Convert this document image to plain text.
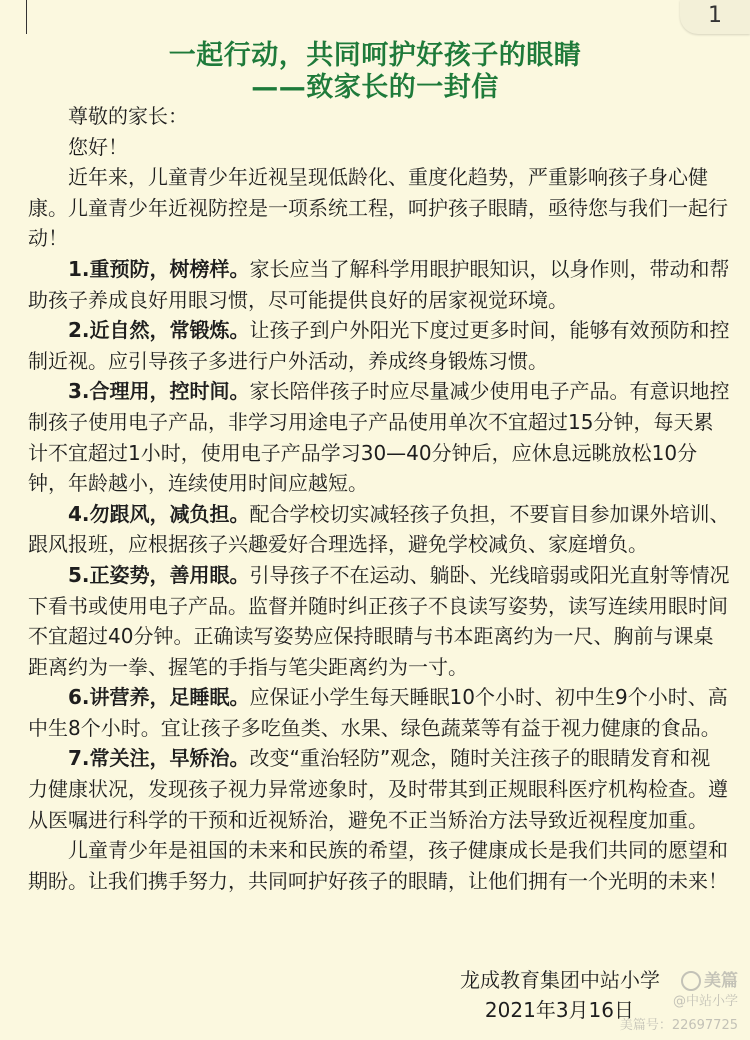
1
一起行动，共同呵护好孩子的眼睛
——致家长的一封信

尊敬的家长：

您好！

近年来，儿童青少年近视呈现低龄化、重度化趋势，严重影响孩子身心健康。儿童青少年近视防控是一项系统工程，呵护孩子眼睛，亟待您与我们一起行动！

1.重预防，树榜样。家长应当了解科学用眼护眼知识，以身作则，带动和帮助孩子养成良好用眼习惯，尽可能提供良好的居家视觉环境。

2.近自然，常锻炼。让孩子到户外阳光下度过更多时间，能够有效预防和控制近视。应引导孩子多进行户外活动，养成终身锻炼习惯。

3.合理用，控时间。家长陪伴孩子时应尽量减少使用电子产品。有意识地控制孩子使用电子产品，非学习用途电子产品使用单次不宜超过15分钟，每天累计不宜超过1小时，使用电子产品学习30—40分钟后，应休息远眺放松10分钟，年龄越小，连续使用时间应越短。

4.勿跟风，减负担。配合学校切实减轻孩子负担，不要盲目参加课外培训、跟风报班，应根据孩子兴趣爱好合理选择，避免学校减负、家庭增负。

5.正姿势，善用眼。引导孩子不在运动、躺卧、光线暗弱或阳光直射等情况下看书或使用电子产品。监督并随时纠正孩子不良读写姿势，读写连续用眼时间不宜超过40分钟。正确读写姿势应保持眼睛与书本距离约为一尺、胸前与课桌距离约为一拳、握笔的手指与笔尖距离约为一寸。

6.讲营养，足睡眠。应保证小学生每天睡眠10个小时、初中生9个小时、高中生8个小时。宜让孩子多吃鱼类、水果、绿色蔬菜等有益于视力健康的食品。

7.常关注，早矫治。改变“重治轻防”观念，随时关注孩子的眼睛发育和视力健康状况，发现孩子视力异常迹象时，及时带其到正规眼科医疗机构检查。遵从医嘱进行科学的干预和近视矫治，避免不正当矫治方法导致近视程度加重。

儿童青少年是祖国的未来和民族的希望，孩子健康成长是我们共同的愿望和期盼。让我们携手努力，共同呵护好孩子的眼睛，让他们拥有一个光明的未来！

龙成教育集团中站小学
2021年3月16日
美篇
@中站小学
美篇号：22697725
